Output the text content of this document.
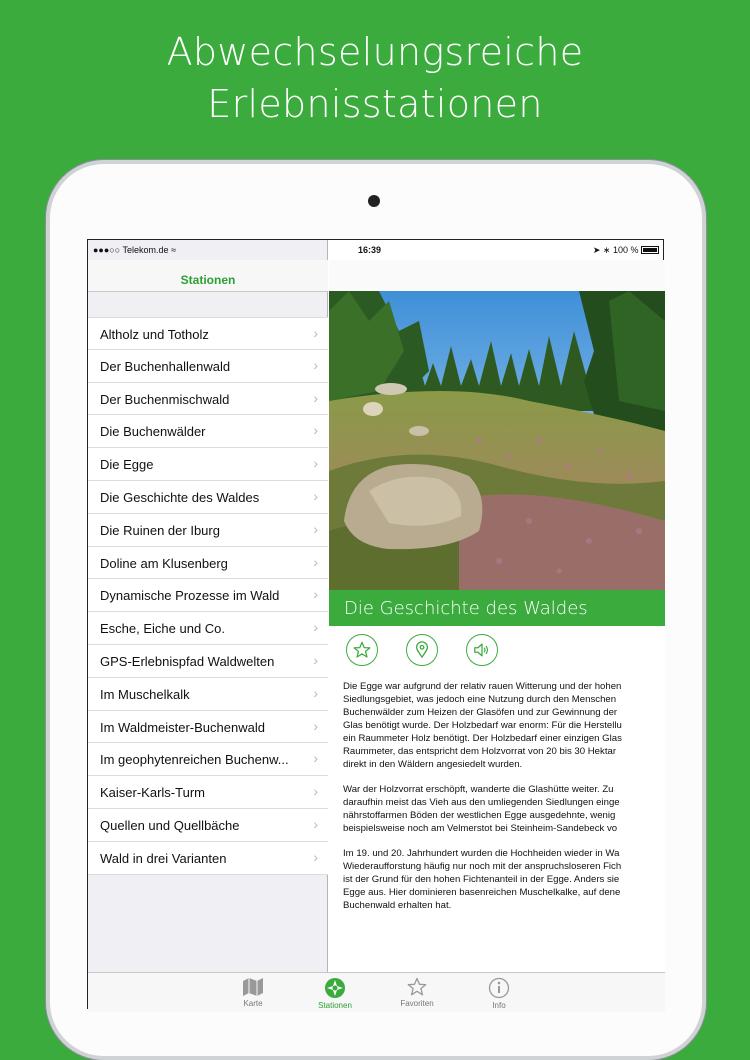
Abwechselungsreiche
Erlebnisstationen
Stationen
Altholz und Totholz	›
Der Buchenhallenwald	›
Der Buchenmischwald	›
Die Buchenwälder	›
Die Egge	›
Die Geschichte des Waldes	›
Die Ruinen der Iburg	›
Doline am Klusenberg	›
Dynamische Prozesse im Wald	›
Esche, Eiche und Co.	›
GPS-Erlebnispfad Waldwelten	›
Im Muschelkalk	›
Im Waldmeister-Buchenwald	›
Im geophytenreichen Buchenw...	›
Kaiser-Karls-Turm	›
Quellen und Quellbäche	›
Wald in drei Varianten	›
Die Geschichte des Waldes

Die Egge war aufgrund der relativ rauen Witterung und der hohen
Siedlungsgebiet, was jedoch eine Nutzung durch den Menschen
Buchenwälder zum Heizen der Glasöfen und zur Gewinnung der
Glas benötigt wurde. Der Holzbedarf war enorm: Für die Herstellu
ein Raummeter Holz benötigt. Der Holzbedarf einer einzigen Glas
Raummeter, das entspricht dem Holzvorrat von 20 bis 30 Hektar
direkt in den Wäldern angesiedelt wurden.

War der Holzvorrat erschöpft, wanderte die Glashütte weiter. Zu
daraufhin meist das Vieh aus den umliegenden Siedlungen einge
nährstoffarmen Böden der westlichen Egge ausgedehnte, wenig
beispielsweise noch am Velmerstot bei Steinheim-Sandebeck vo

Im 19. und 20. Jahrhundert wurden die Hochheiden wieder in Wa
Wiederaufforstung häufig nur noch mit der anspruchsloseren Fich
ist der Grund für den hohen Fichtenanteil in der Egge. Anders sie
Egge aus. Hier dominieren basenreichen Muschelkalke, auf dene
Buchenwald erhalten hat.

●●●○○ Telekom.de ≈	16:39	➤ ∗ 100 %
Karte	Stationen	Favoriten	Info
